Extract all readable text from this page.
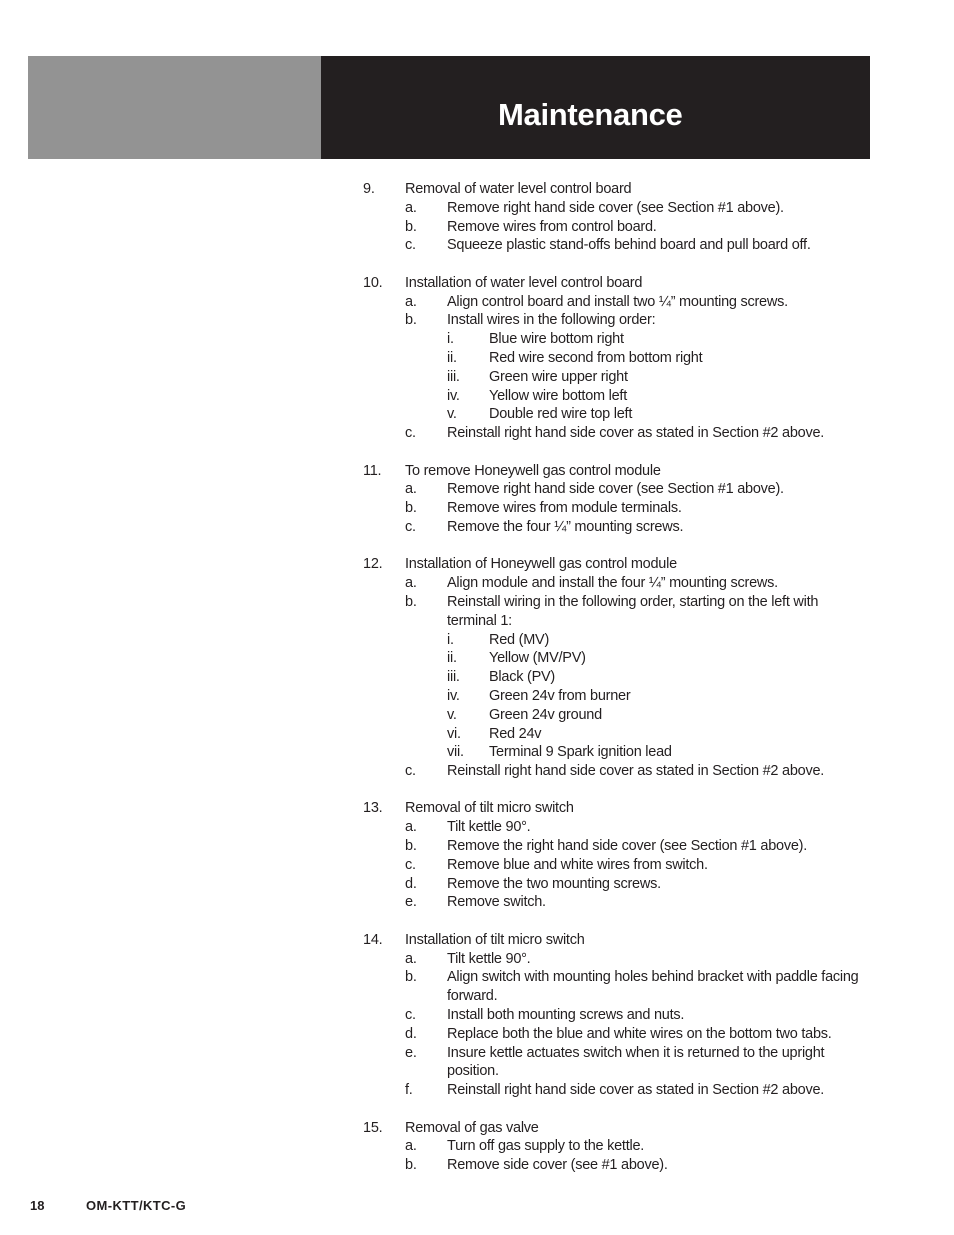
Maintenance
9. Removal of water level control board
a. Remove right hand side cover (see Section #1 above).
b. Remove wires from control board.
c. Squeeze plastic stand-offs behind board and pull board off.
10. Installation of water level control board
a. Align control board and install two ¼” mounting screws.
b. Install wires in the following order:
i. Blue wire bottom right
ii. Red wire second from bottom right
iii. Green wire upper right
iv. Yellow wire bottom left
v. Double red wire top left
c. Reinstall right hand side cover as stated in Section #2 above.
11. To remove Honeywell gas control module
a. Remove right hand side cover (see Section #1 above).
b. Remove wires from module terminals.
c. Remove the four ¼” mounting screws.
12. Installation of Honeywell gas control module
a. Align module and install the four ¼” mounting screws.
b. Reinstall wiring in the following order, starting on the left with terminal 1:
i. Red (MV)
ii. Yellow (MV/PV)
iii. Black (PV)
iv. Green 24v from burner
v. Green 24v ground
vi. Red 24v
vii. Terminal 9 Spark ignition lead
c. Reinstall right hand side cover as stated in Section #2 above.
13. Removal of tilt micro switch
a. Tilt kettle 90°.
b. Remove the right hand side cover (see Section #1 above).
c. Remove blue and white wires from switch.
d. Remove the two mounting screws.
e. Remove switch.
14. Installation of tilt micro switch
a. Tilt kettle 90°.
b. Align switch with mounting holes behind bracket with paddle facing forward.
c. Install both mounting screws and nuts.
d. Replace both the blue and white wires on the bottom two tabs.
e. Insure kettle actuates switch when it is returned to the upright position.
f. Reinstall right hand side cover as stated in Section #2 above.
15. Removal of gas valve
a. Turn off gas supply to the kettle.
b. Remove side cover (see #1 above).
18	OM-KTT/KTC-G
